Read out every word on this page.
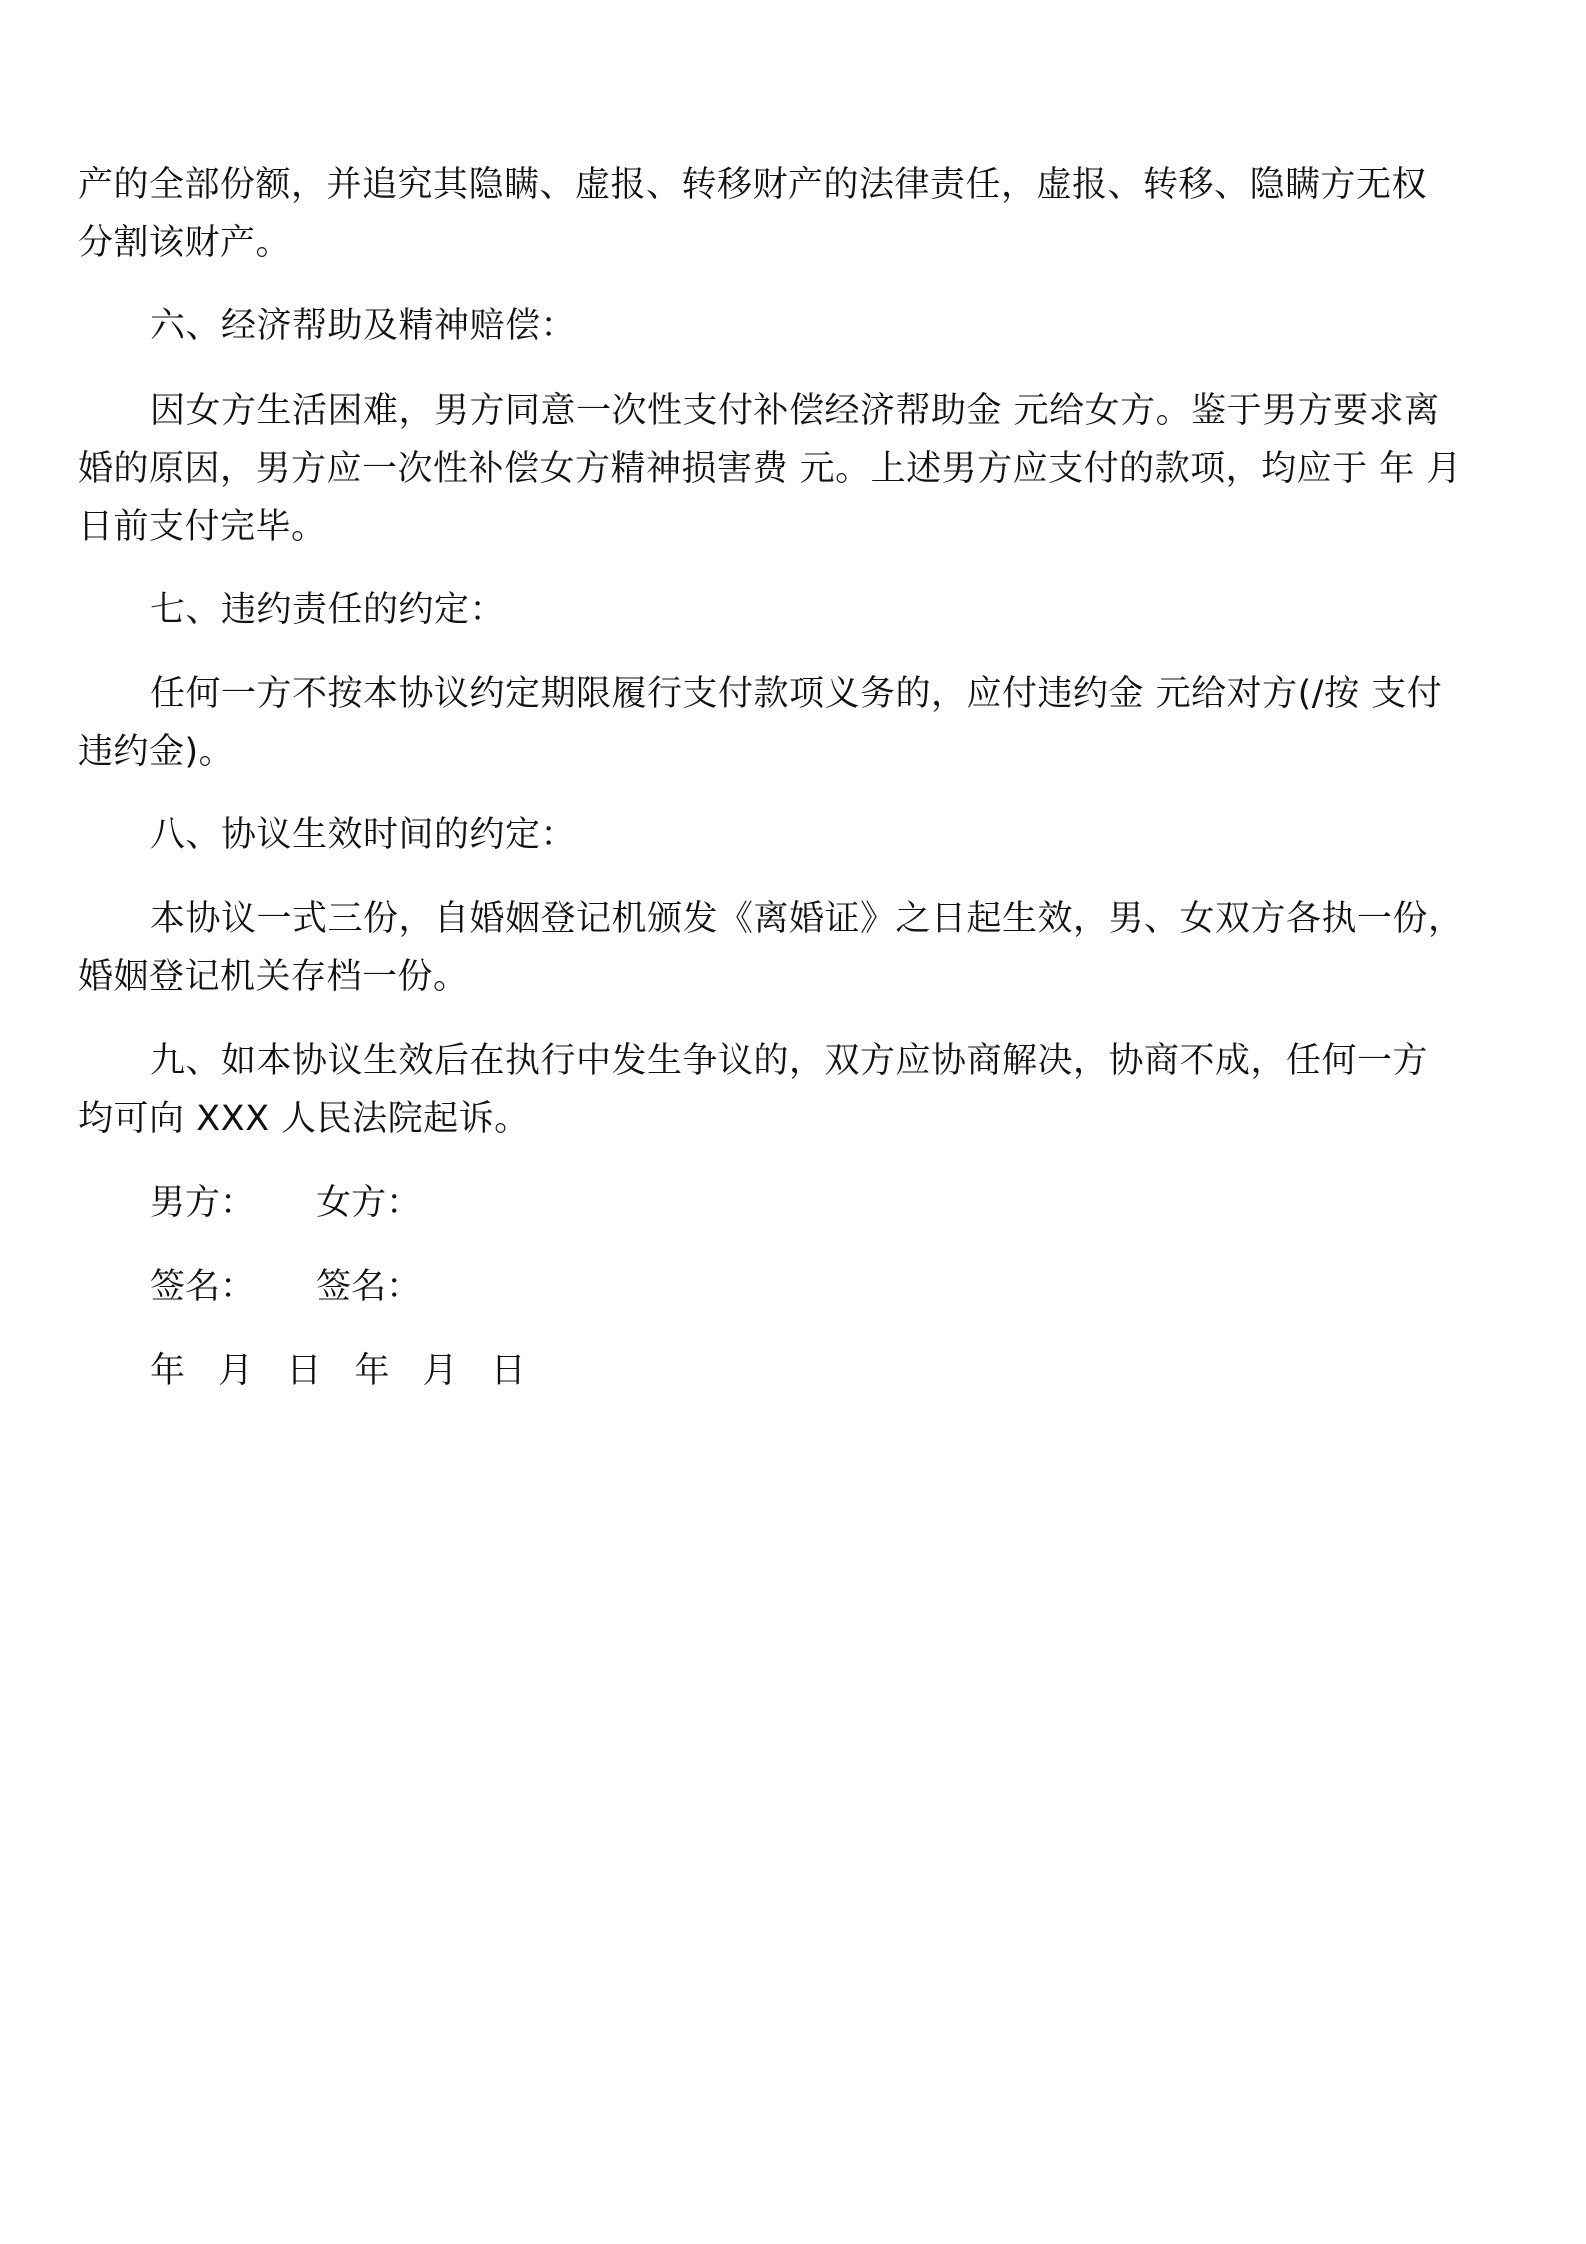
产的全部份额，并追究其隐瞒、虚报、转移财产的法律责任，虚报、转移、隐瞒方无权
分割该财产。
六、经济帮助及精神赔偿：
因女方生活困难，男方同意一次性支付补偿经济帮助金 元给女方。鉴于男方要求离
婚的原因，男方应一次性补偿女方精神损害费 元。上述男方应支付的款项，均应于 年 月
日前支付完毕。
七、违约责任的约定：
任何一方不按本协议约定期限履行支付款项义务的，应付违约金 元给对方(/按 支付
违约金)。
八、协议生效时间的约定：
本协议一式三份，自婚姻登记机颁发《离婚证》之日起生效，男、女双方各执一份，
婚姻登记机关存档一份。
九、如本协议生效后在执行中发生争议的，双方应协商解决，协商不成，任何一方
均可向 XXX 人民法院起诉。
男方： 女方：
签名： 签名：
年 月 日 年 月 日
